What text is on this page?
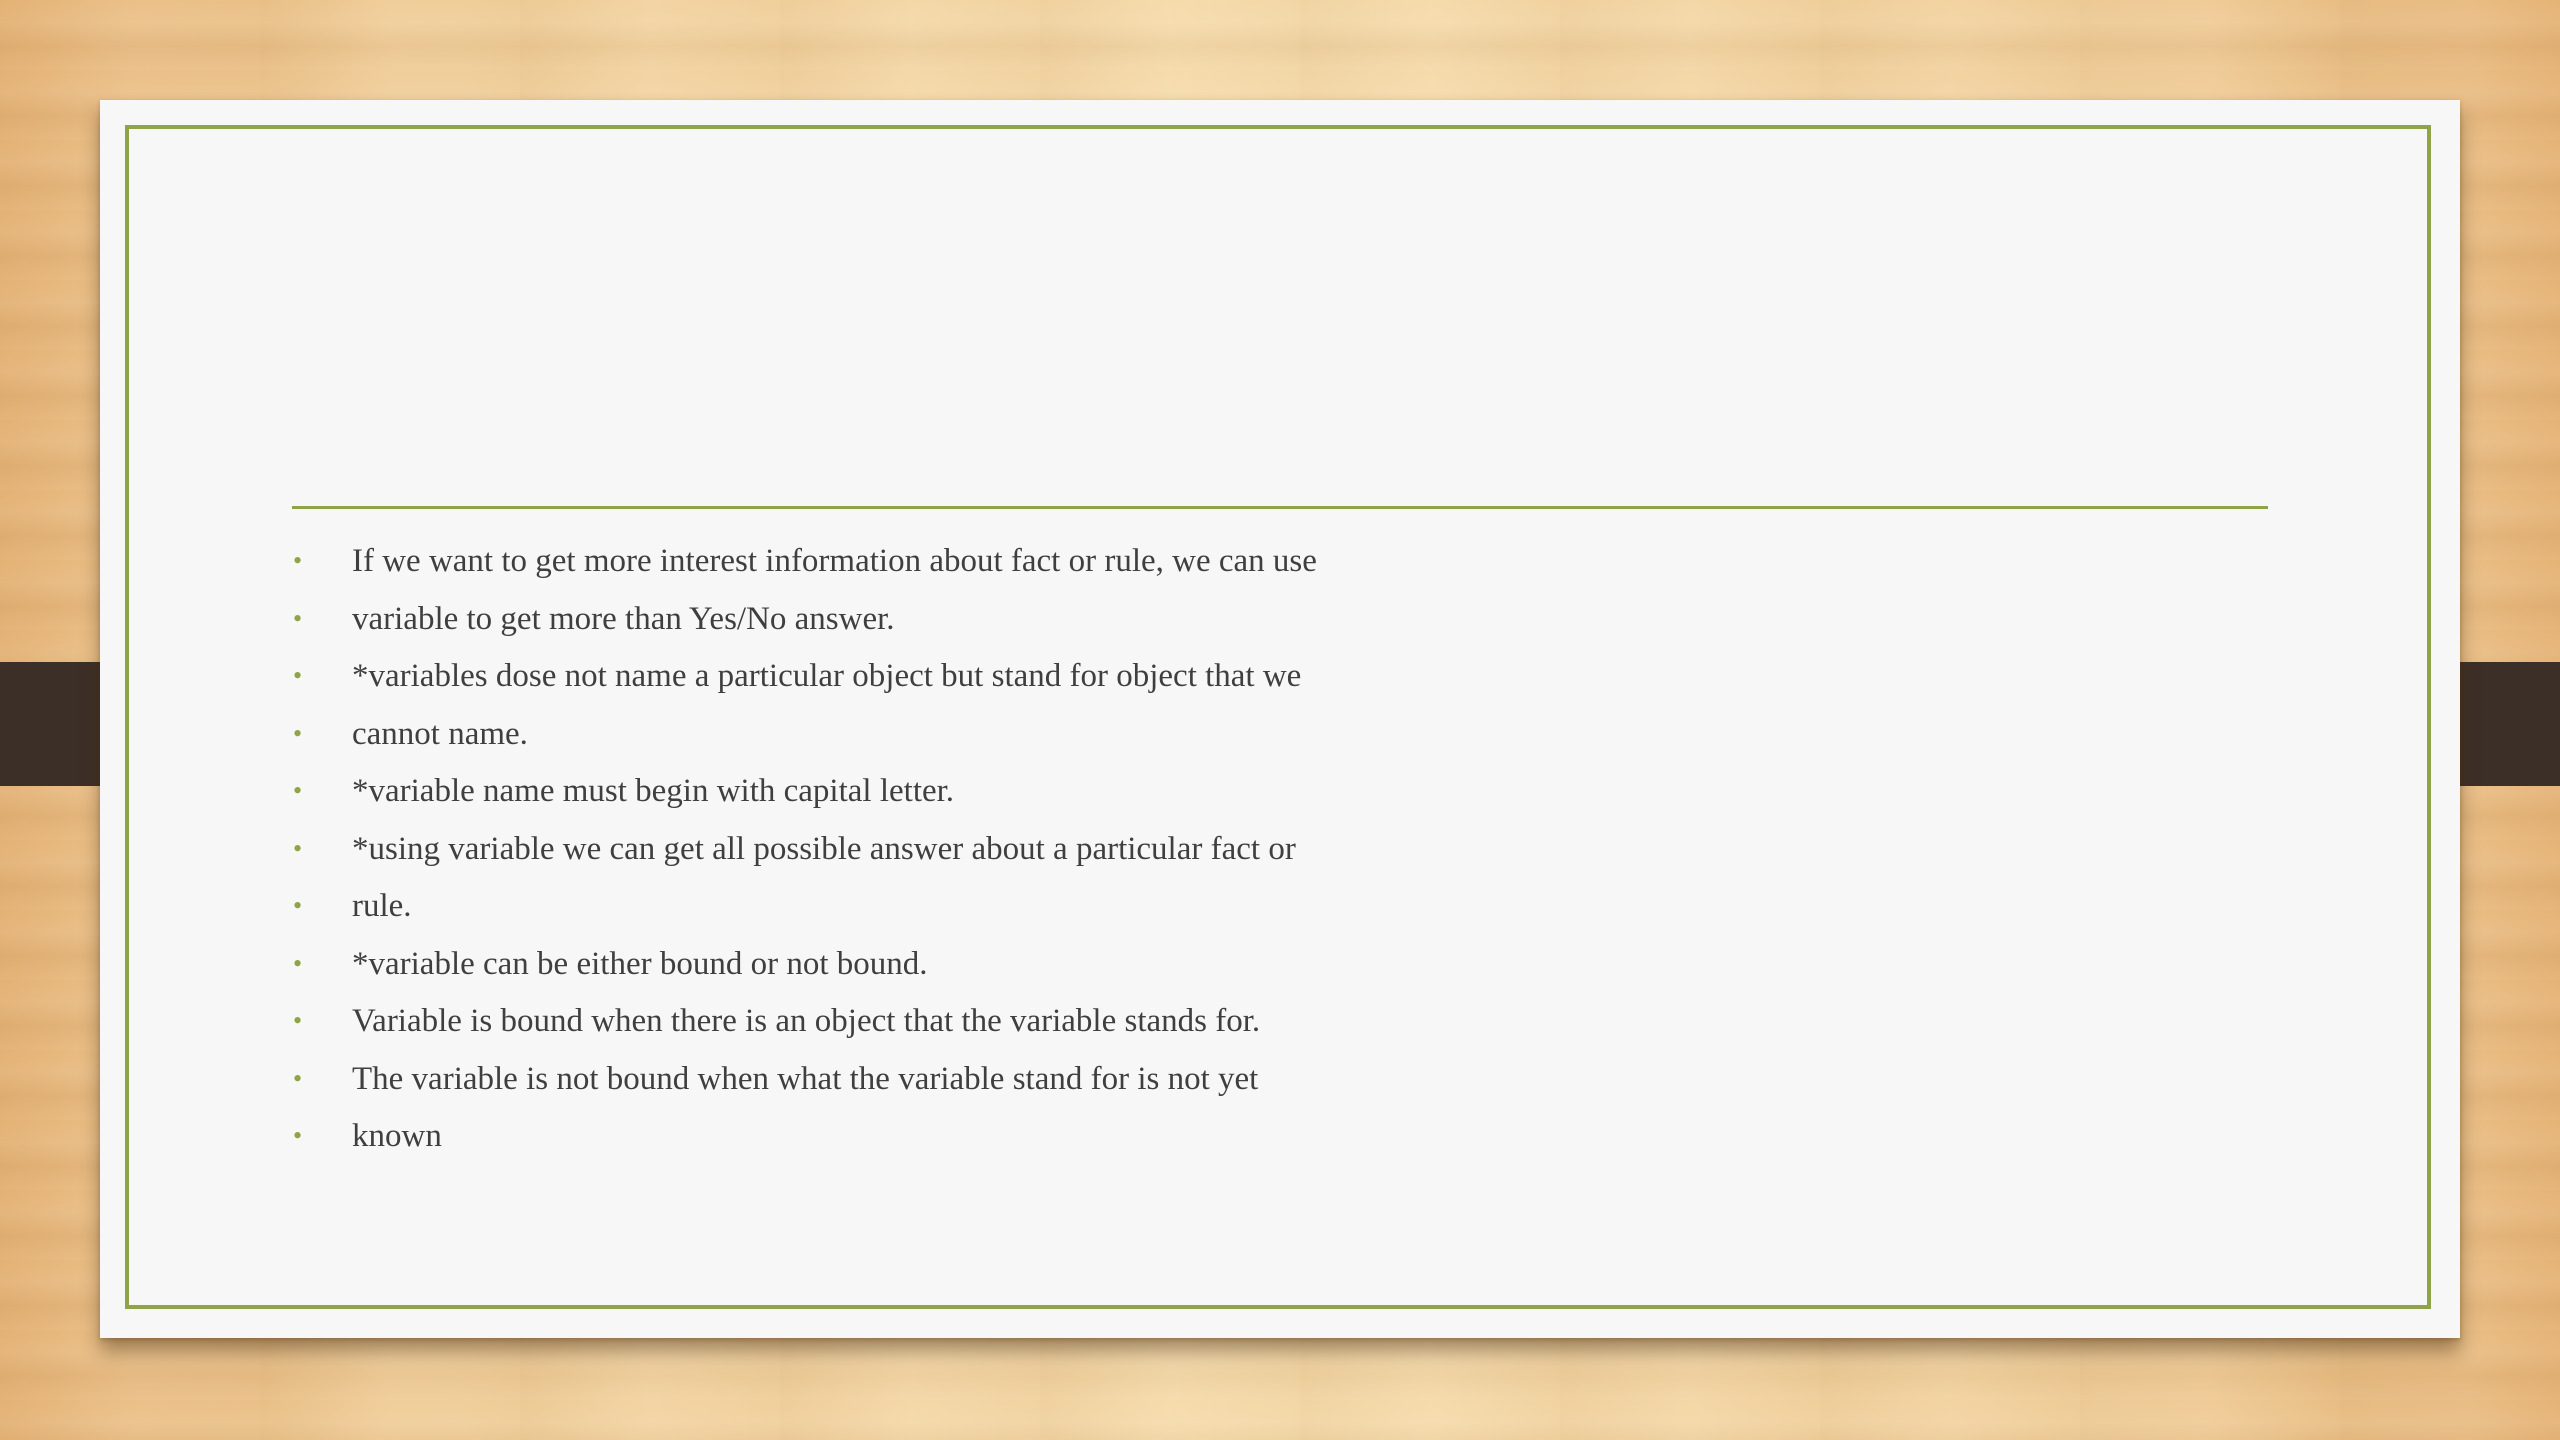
• If we want to get more interest information about fact or rule, we can use
• variable to get more than Yes/No answer.
• *variables dose not name a particular object but stand for object that we
• cannot name.
• *variable name must begin with capital letter.
• *using variable we can get all possible answer about a particular fact or
• rule.
• *variable can be either bound or not bound.
• Variable is bound when there is an object that the variable stands for.
• The variable is not bound when what the variable stand for is not yet
• known
